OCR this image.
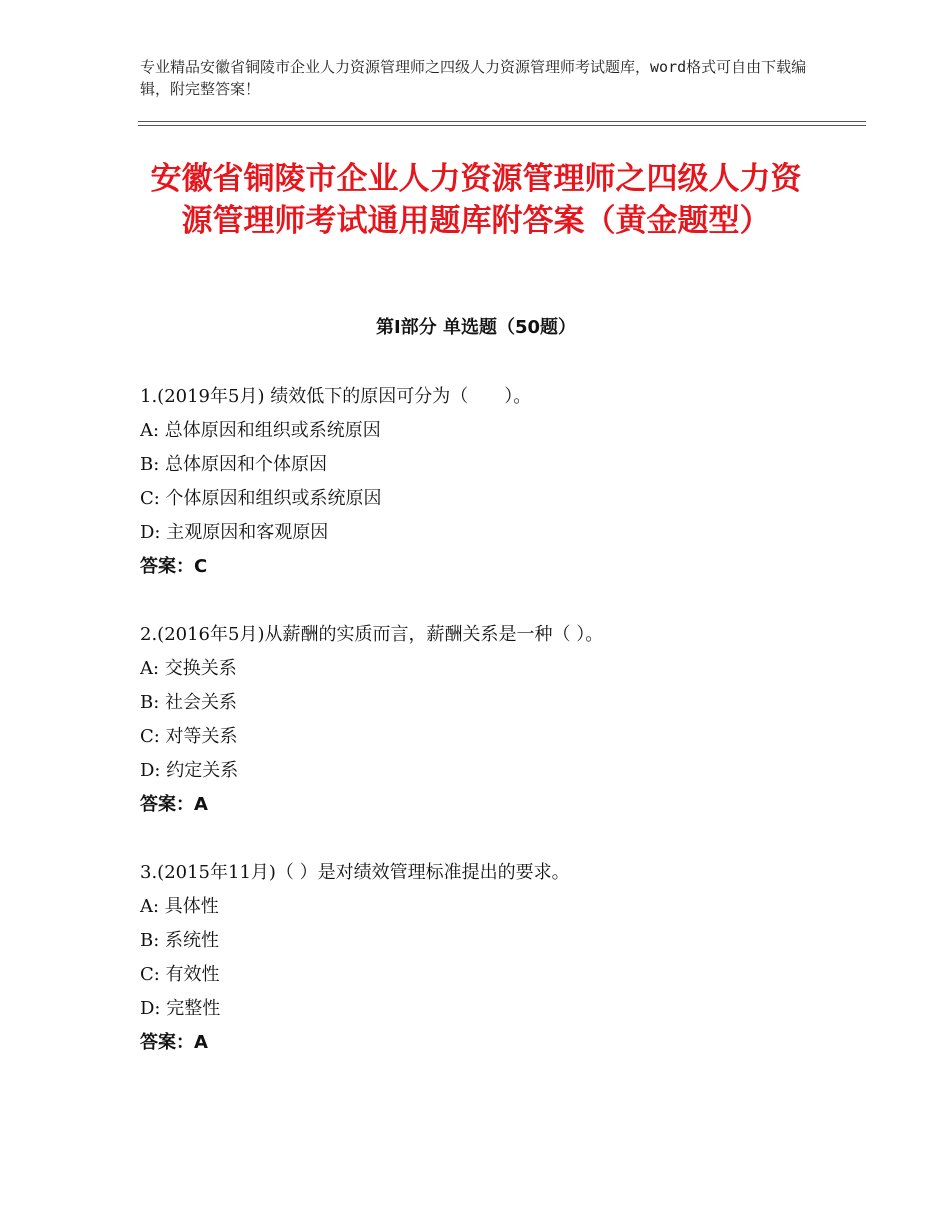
专业精品安徽省铜陵市企业人力资源管理师之四级人力资源管理师考试题库，word格式可自由下载编辑，附完整答案！
安徽省铜陵市企业人力资源管理师之四级人力资源管理师考试通用题库附答案（黄金题型）
第Ⅰ部分 单选题（50题）
1.(2019年5月) 绩效低下的原因可分为（　　）。
A: 总体原因和组织或系统原因
B: 总体原因和个体原因
C: 个体原因和组织或系统原因
D: 主观原因和客观原因
答案：C
2.(2016年5月)从薪酬的实质而言，薪酬关系是一种（ ）。
A: 交换关系
B: 社会关系
C: 对等关系
D: 约定关系
答案：A
3.(2015年11月)（ ）是对绩效管理标准提出的要求。
A: 具体性
B: 系统性
C: 有效性
D: 完整性
答案：A
